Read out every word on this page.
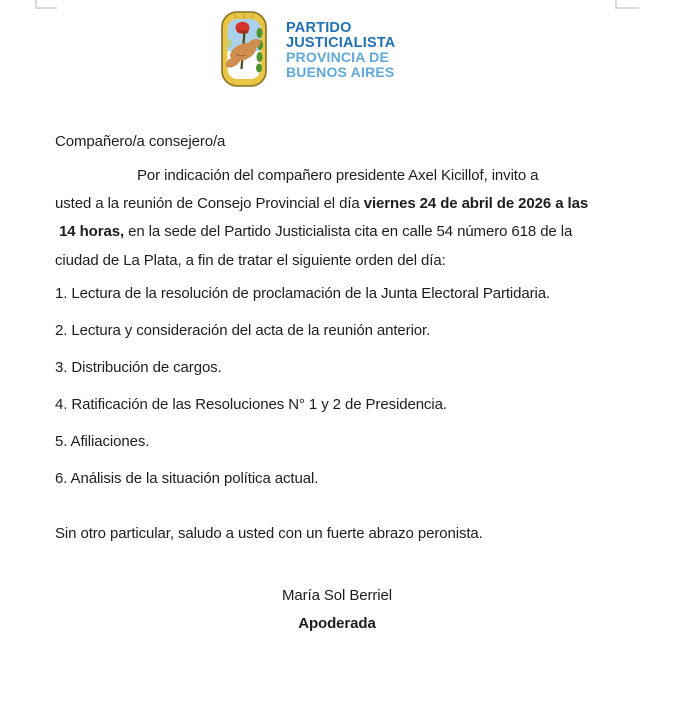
PARTIDO
JUSTICIALISTA
PROVINCIA DE
BUENOS AIRES
Compañero/a consejero/a
Por indicación del compañero presidente Axel Kicillof, invito a
usted a la reunión de Consejo Provincial el día viernes 24 de abril de 2026 a las
14 horas, en la sede del Partido Justicialista cita en calle 54 número 618 de la
ciudad de La Plata, a fin de tratar el siguiente orden del día:
1. Lectura de la resolución de proclamación de la Junta Electoral Partidaria.
2. Lectura y consideración del acta de la reunión anterior.
3. Distribución de cargos.
4. Ratificación de las Resoluciones N° 1 y 2 de Presidencia.
5. Afiliaciones.
6. Análisis de la situación política actual.
Sin otro particular, saludo a usted con un fuerte abrazo peronista.
María Sol Berriel
Apoderada
